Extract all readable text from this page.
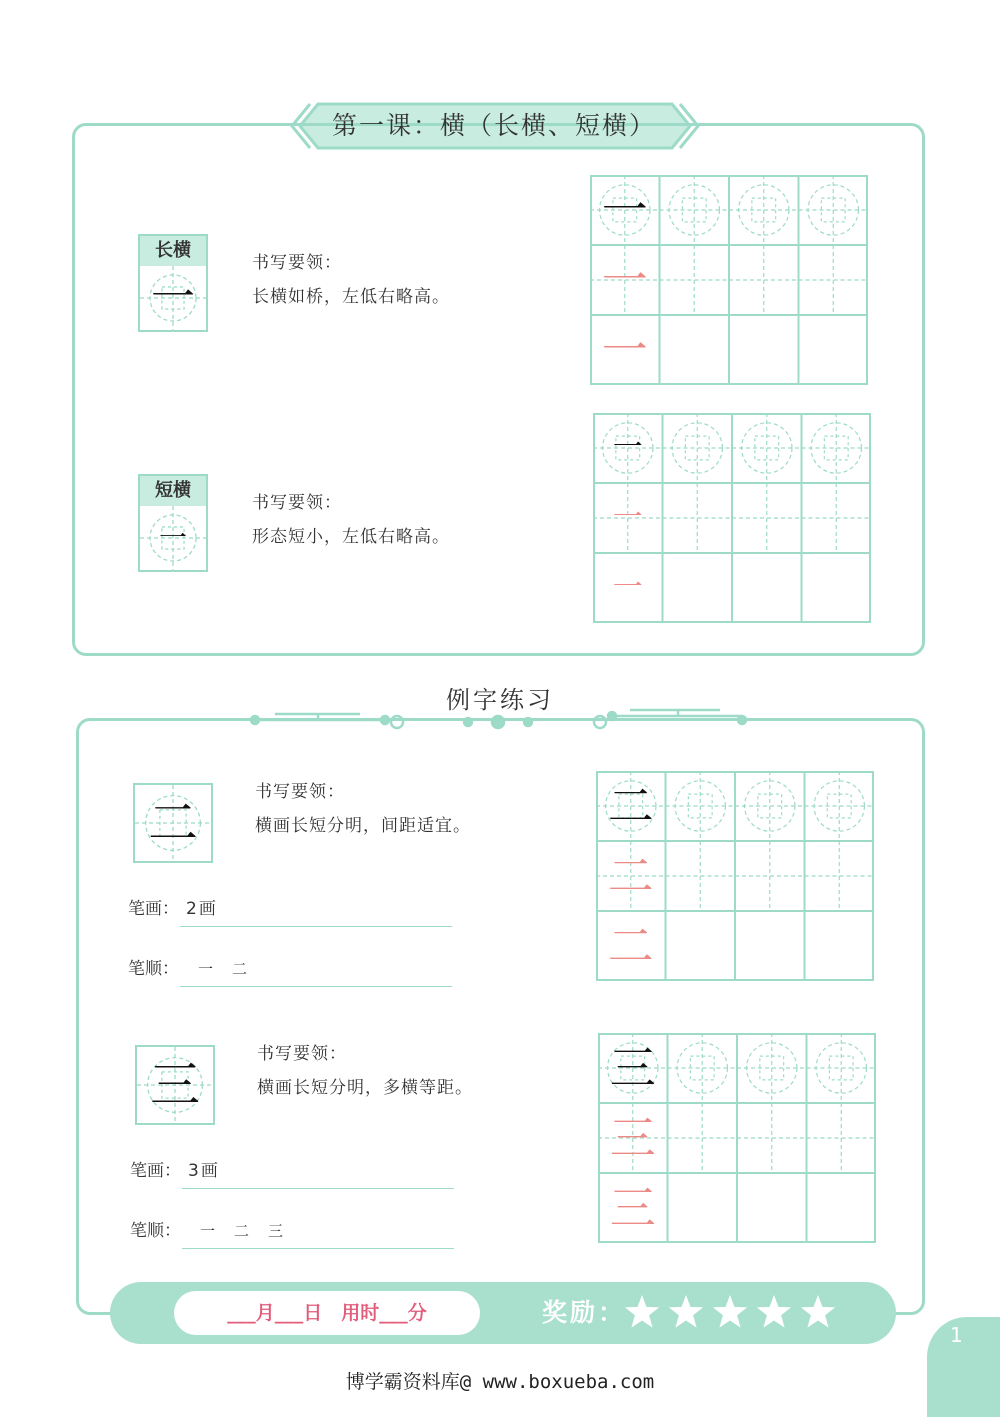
第一课：横（长横、短横）
长横
一
书写要领：
长横如桥，左低右略高。
一
一
一
短横
一
书写要领：
形态短小，左低右略高。
一
一
一
例字练习
二
书写要领：
横画长短分明，间距适宜。
笔画： 2画
笔顺： 一　二
二
二
二
三
书写要领：
横画长短分明，多横等距。
笔画： 3画
笔顺： 一　二　三
三
三
三
___月___日　用时___分	奖励：
1
博学霸资料库@ www.boxueba.com
